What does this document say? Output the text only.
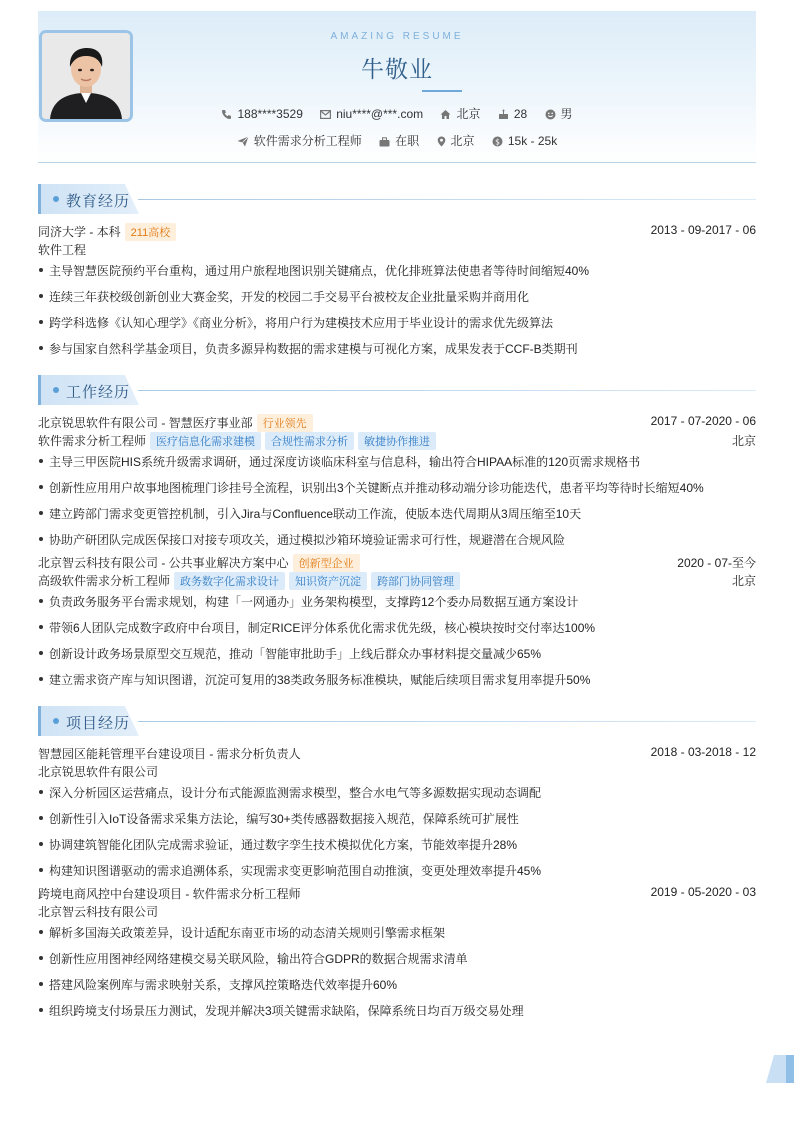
AMAZING RESUME
牛敬业
188****3529	niu****@***.com	北京	28	男
软件需求分析工程师	在职	北京	$ 15k - 25k
教育经历
同济大学 - 本科 211高校	2013 - 09-2017 - 06
软件工程
主导智慧医院预约平台重构，通过用户旅程地图识别关键痛点，优化排班算法使患者等待时间缩短40%
连续三年获校级创新创业大赛金奖，开发的校园二手交易平台被校友企业批量采购并商用化
跨学科选修《认知心理学》《商业分析》，将用户行为建模技术应用于毕业设计的需求优先级算法
参与国家自然科学基金项目，负责多源异构数据的需求建模与可视化方案，成果发表于CCF-B类期刊
工作经历
北京锐思软件有限公司 - 智慧医疗事业部 行业领先	2017 - 07-2020 - 06
软件需求分析工程师 医疗信息化需求建模 合规性需求分析 敏捷协作推进	北京
主导三甲医院HIS系统升级需求调研，通过深度访谈临床科室与信息科，输出符合HIPAA标准的120页需求规格书
创新性应用用户故事地图梳理门诊挂号全流程，识别出3个关键断点并推动移动端分诊功能迭代，患者平均等待时长缩短40%
建立跨部门需求变更管控机制，引入Jira与Confluence联动工作流，使版本迭代周期从3周压缩至10天
协助产研团队完成医保接口对接专项攻关，通过模拟沙箱环境验证需求可行性，规避潜在合规风险
北京智云科技有限公司 - 公共事业解决方案中心 创新型企业	2020 - 07-至今
高级软件需求分析工程师 政务数字化需求设计 知识资产沉淀 跨部门协同管理	北京
负责政务服务平台需求规划，构建「一网通办」业务架构模型，支撑跨12个委办局数据互通方案设计
带领6人团队完成数字政府中台项目，制定RICE评分体系优化需求优先级，核心模块按时交付率达100%
创新设计政务场景原型交互规范，推动「智能审批助手」上线后群众办事材料提交量减少65%
建立需求资产库与知识图谱，沉淀可复用的38类政务服务标准模块，赋能后续项目需求复用率提升50%
项目经历
智慧园区能耗管理平台建设项目 - 需求分析负责人	2018 - 03-2018 - 12
北京锐思软件有限公司
深入分析园区运营痛点，设计分布式能源监测需求模型，整合水电气等多源数据实现动态调配
创新性引入IoT设备需求采集方法论，编写30+类传感器数据接入规范，保障系统可扩展性
协调建筑智能化团队完成需求验证，通过数字孪生技术模拟优化方案，节能效率提升28%
构建知识图谱驱动的需求追溯体系，实现需求变更影响范围自动推演，变更处理效率提升45%
跨境电商风控中台建设项目 - 软件需求分析工程师	2019 - 05-2020 - 03
北京智云科技有限公司
解析多国海关政策差异，设计适配东南亚市场的动态清关规则引擎需求框架
创新性应用图神经网络建模交易关联风险，输出符合GDPR的数据合规需求清单
搭建风险案例库与需求映射关系，支撑风控策略迭代效率提升60%
组织跨境支付场景压力测试，发现并解决3项关键需求缺陷，保障系统日均百万级交易处理
